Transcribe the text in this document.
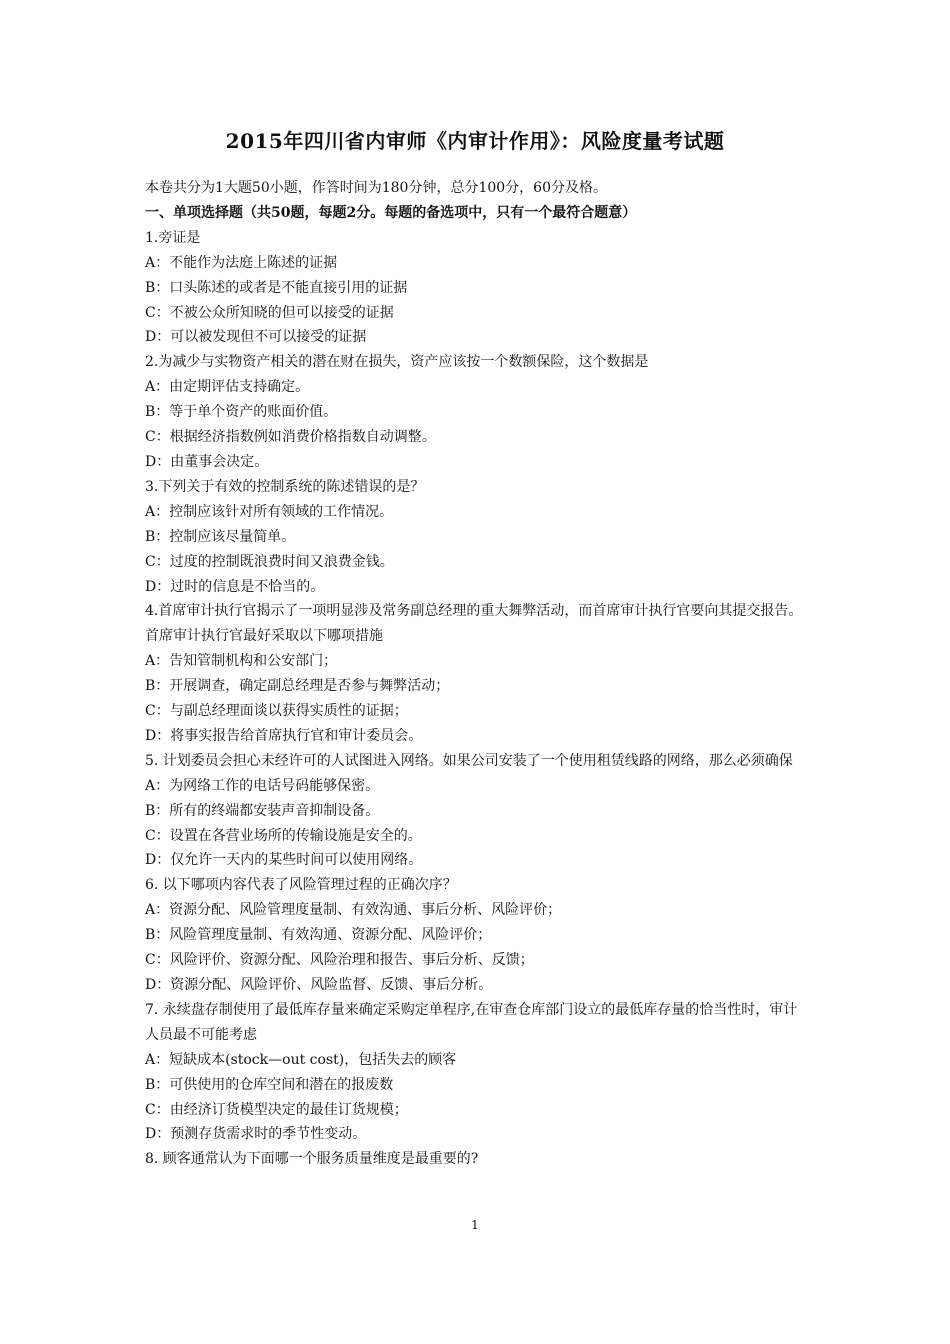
2015年四川省内审师《内审计作用》：风险度量考试题

本卷共分为1大题50小题，作答时间为180分钟，总分100分，60分及格。

一、单项选择题（共50题，每题2分。每题的备选项中，只有一个最符合题意）

1.旁证是

A：不能作为法庭上陈述的证据

B：口头陈述的或者是不能直接引用的证据

C：不被公众所知晓的但可以接受的证据

D：可以被发现但不可以接受的证据

2.为减少与实物资产相关的潜在财在损失，资产应该按一个数额保险，这个数据是

A：由定期评估支持确定。

B：等于单个资产的账面价值。

C：根据经济指数例如消费价格指数自动调整。

D：由董事会决定。

3.下列关于有效的控制系统的陈述错误的是？

A：控制应该针对所有领域的工作情况。

B：控制应该尽量简单。

C：过度的控制既浪费时间又浪费金钱。

D：过时的信息是不恰当的。

4.首席审计执行官揭示了一项明显涉及常务副总经理的重大舞弊活动，而首席审计执行官要向其提交报告。首席审计执行官最好采取以下哪项措施

A：告知管制机构和公安部门；

B：开展调查，确定副总经理是否参与舞弊活动；

C：与副总经理面谈以获得实质性的证据；

D：将事实报告给首席执行官和审计委员会。

5. 计划委员会担心未经许可的人试图进入网络。如果公司安装了一个使用租赁线路的网络，那么必须确保

A：为网络工作的电话号码能够保密。

B：所有的终端都安装声音抑制设备。

C：设置在各营业场所的传输设施是安全的。

D：仅允许一天内的某些时间可以使用网络。

6. 以下哪项内容代表了风险管理过程的正确次序？

A：资源分配、风险管理度量制、有效沟通、事后分析、风险评价；

B：风险管理度量制、有效沟通、资源分配、风险评价；

C：风险评价、资源分配、风险治理和报告、事后分析、反馈；

D：资源分配、风险评价、风险监督、反馈、事后分析。

7. 永续盘存制使用了最低库存量来确定采购定单程序,在审查仓库部门设立的最低库存量的恰当性时，审计人员最不可能考虑

A：短缺成本(stock—out cost)，包括失去的顾客

B：可供使用的仓库空间和潜在的报废数

C：由经济订货模型决定的最佳订货规模；

D：预测存货需求时的季节性变动。

8. 顾客通常认为下面哪一个服务质量维度是最重要的?

1
